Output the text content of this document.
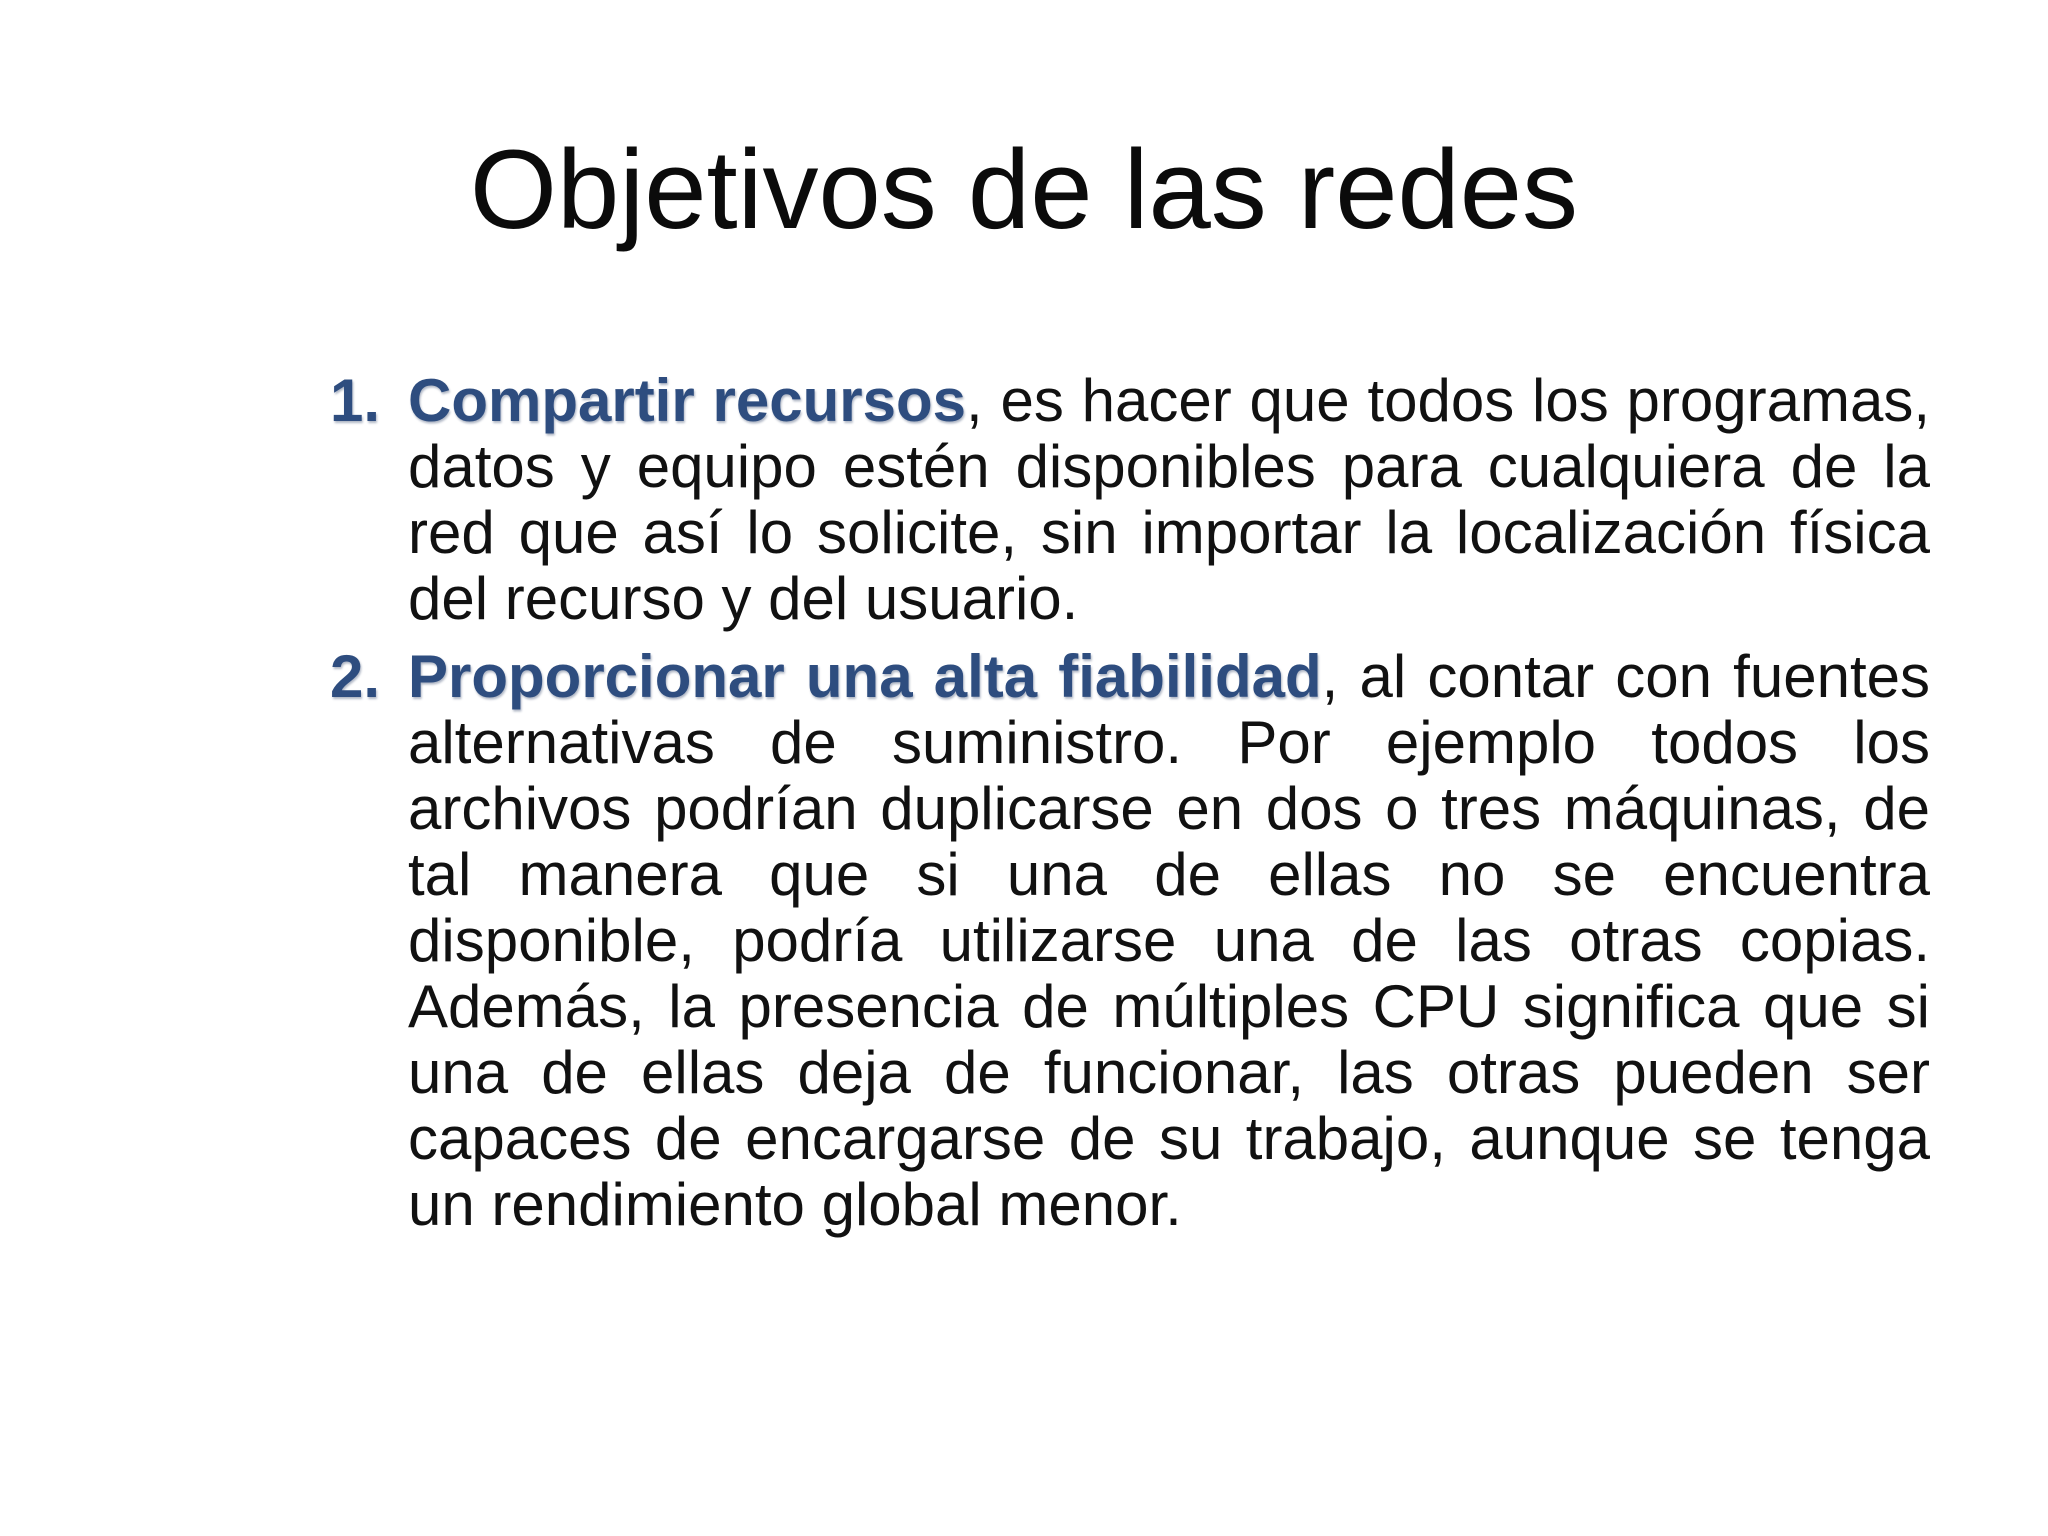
Objetivos de las redes
1. Compartir recursos, es hacer que todos los programas, datos y equipo estén disponibles para cualquiera de la red que así lo solicite, sin importar la localización física del recurso y del usuario.
2. Proporcionar una alta fiabilidad, al contar con fuentes alternativas de suministro. Por ejemplo todos los archivos podrían duplicarse en dos o tres máquinas, de tal manera que si una de ellas no se encuentra disponible, podría utilizarse una de las otras copias. Además, la presencia de múltiples CPU significa que si una de ellas deja de funcionar, las otras pueden ser capaces de encargarse de su trabajo, aunque se tenga un rendimiento global menor.
